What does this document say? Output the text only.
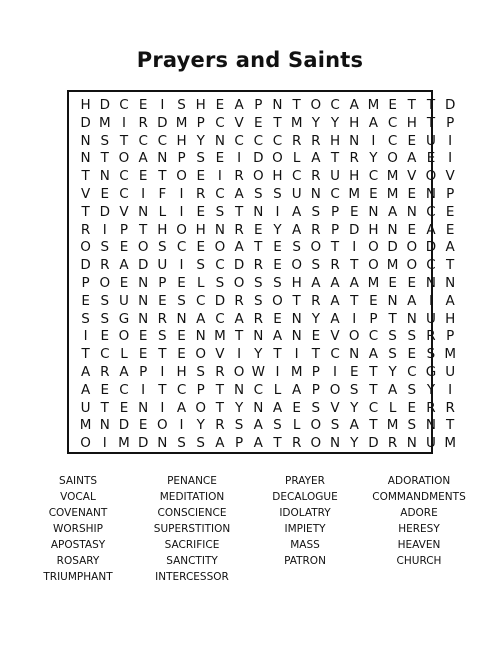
Prayers and Saints
H D C E I S H E A P N T O C A M E T T D
D M I R D M P C V E T M Y Y H A C H T P
N S T C C H Y N C C C R R H N I C E U I
N T O A N P S E I D O L A T R Y O A E I
T N C E T O E I R O H C R U H C M V O V
V E C I F I R C A S S U N C M E M E N P
T D V N L I E S T N I A S P E N A N C E
R I P T H O H N R E Y A R P D H N E A E
O S E O S C E O A T E S O T I O D O D A
D R A D U I S C D R E O S R T O M O C T
P O E N P E L S O S S H A A A M E E N N
E S U N E S C D R S O T R A T E N A I A
S S G N R N A C A R E N Y A I P T N U H
I E O E S E N M T N A N E V O C S S R P
T C L E T E O V I Y T I T C N A S E S M
A R A P I H S R O W I M P I E T Y C G U
A E C I T C P T N C L A P O S T A S Y I
U T E N I A O T Y N A E S V Y C L E R R
M N D E O I Y R S A S L O S A T M S N T
O I M D N S S A P A T R O N Y D R N U M
SAINTS	PENANCE	PRAYER	ADORATION
VOCAL	MEDITATION	DECALOGUE	COMMANDMENTS
COVENANT	CONSCIENCE	IDOLATRY	ADORE
WORSHIP	SUPERSTITION	IMPIETY	HERESY
APOSTASY	SACRIFICE	MASS	HEAVEN
ROSARY	SANCTITY	PATRON	CHURCH
TRIUMPHANT	INTERCESSOR
